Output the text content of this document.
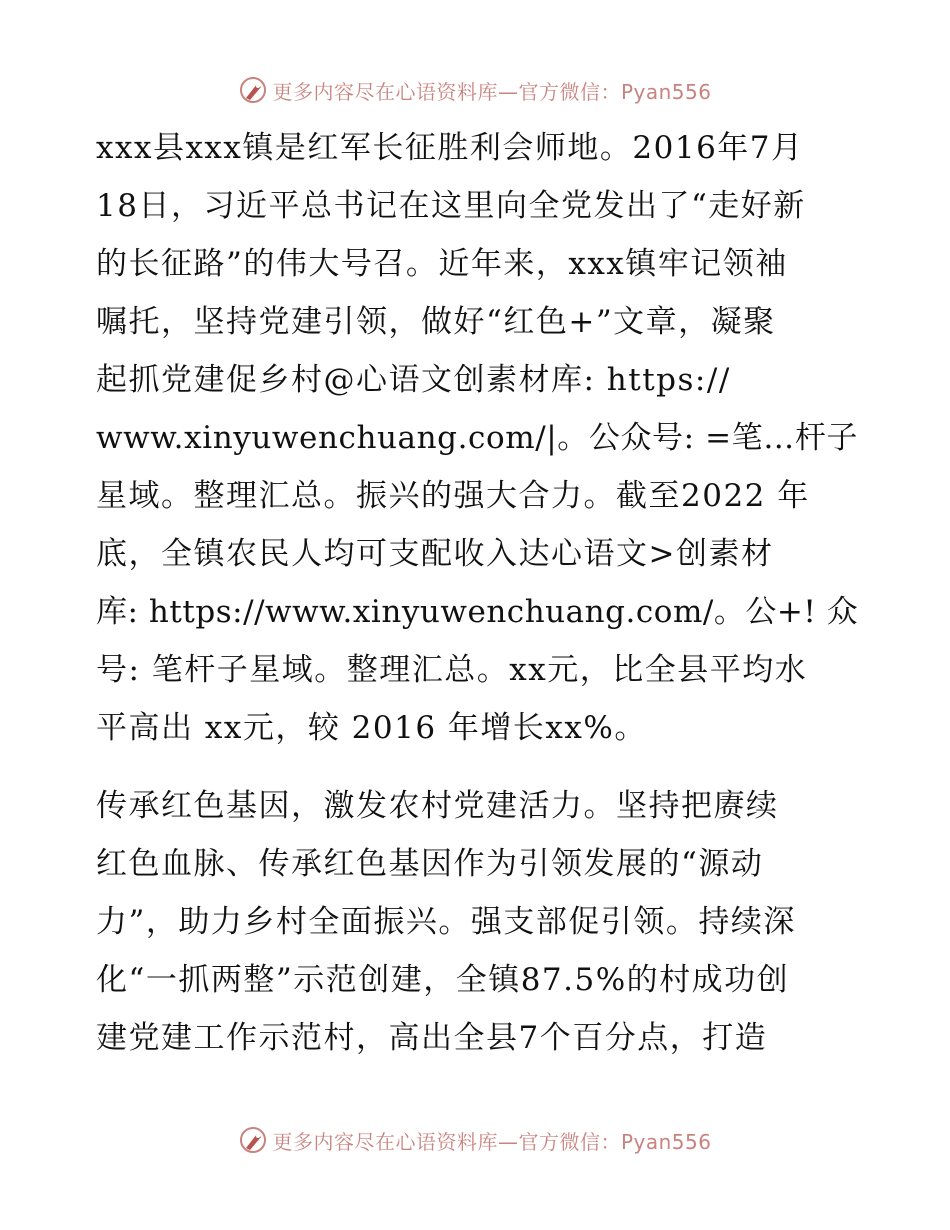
更多内容尽在心语资料库—官方微信：Pyan556
xxx县xxx镇是红军长征胜利会师地。2016年7月
18日，习近平总书记在这里向全党发出了“走好新
的长征路”的伟大号召。近年来，xxx镇牢记领袖
嘱托，坚持党建引领，做好“红色+”文章，凝聚
起抓党建促乡村@心语文创素材库: https://
www.xinyuwenchuang.com/|。公众号: =笔…杆子
星域。整理汇总。振兴的强大合力。截至2022 年
底，全镇农民人均可支配收入达心语文>创素材
库: https://www.xinyuwenchuang.com/。公+! 众
号: 笔杆子星域。整理汇总。xx元，比全县平均水
平高出 xx元，较 2016 年增长xx%。
传承红色基因，激发农村党建活力。坚持把赓续
红色血脉、传承红色基因作为引领发展的“源动
力”，助力乡村全面振兴。强支部促引领。持续深
化“一抓两整”示范创建，全镇87.5%的村成功创
建党建工作示范村，高出全县7个百分点，打造
更多内容尽在心语资料库—官方微信：Pyan556
